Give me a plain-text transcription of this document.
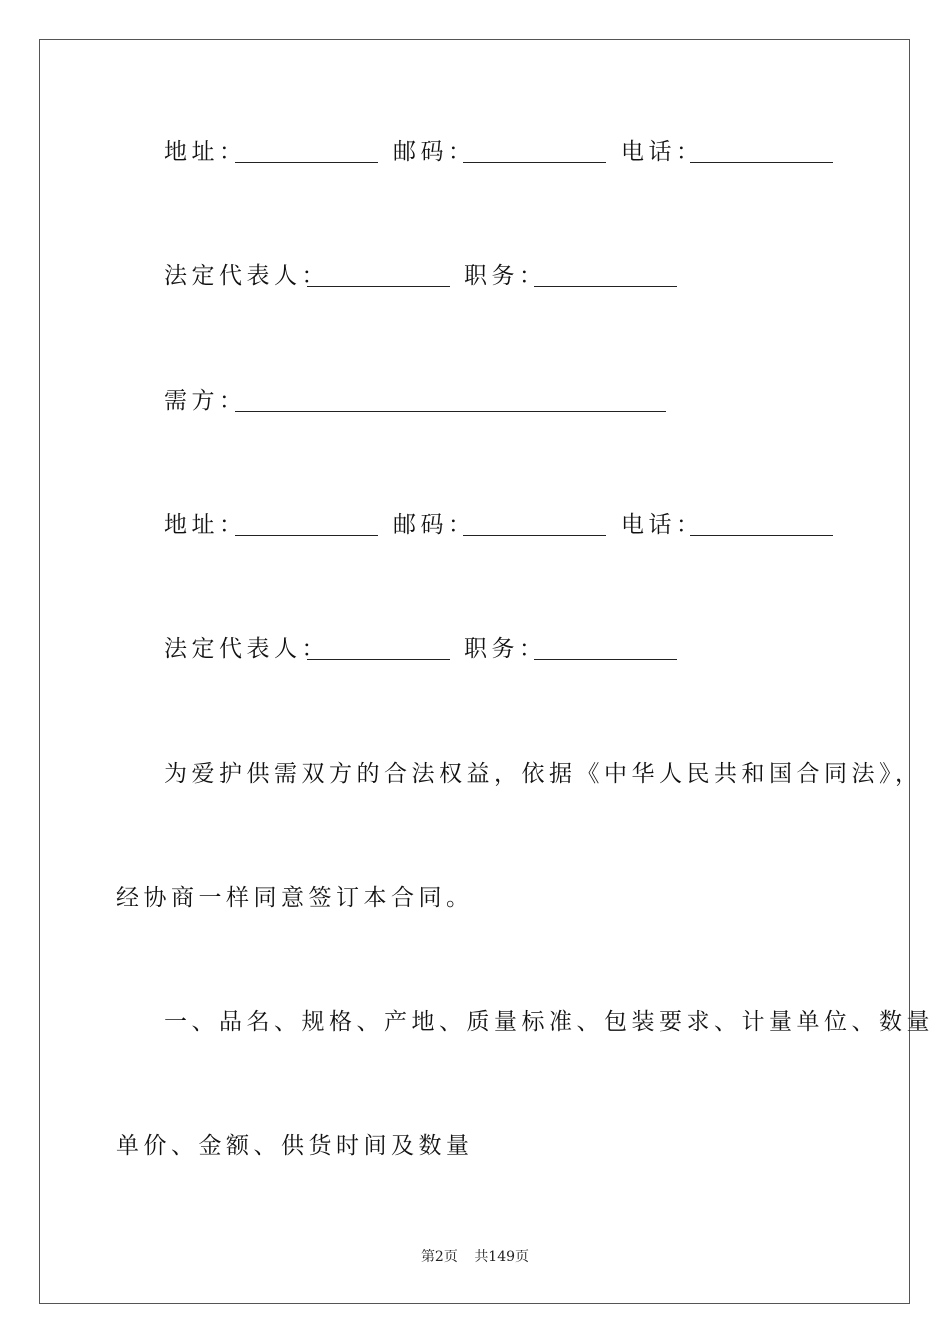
地址：	邮码：	电话：
法定代表人：	职务：
需方：
地址：	邮码：	电话：
法定代表人：	职务：
为爱护供需双方的合法权益，依据《中华人民共和国合同法》，
经协商一样同意签订本合同。
一、品名、规格、产地、质量标准、包装要求、计量单位、数量
单价、金额、供货时间及数量
第2页 共149页
